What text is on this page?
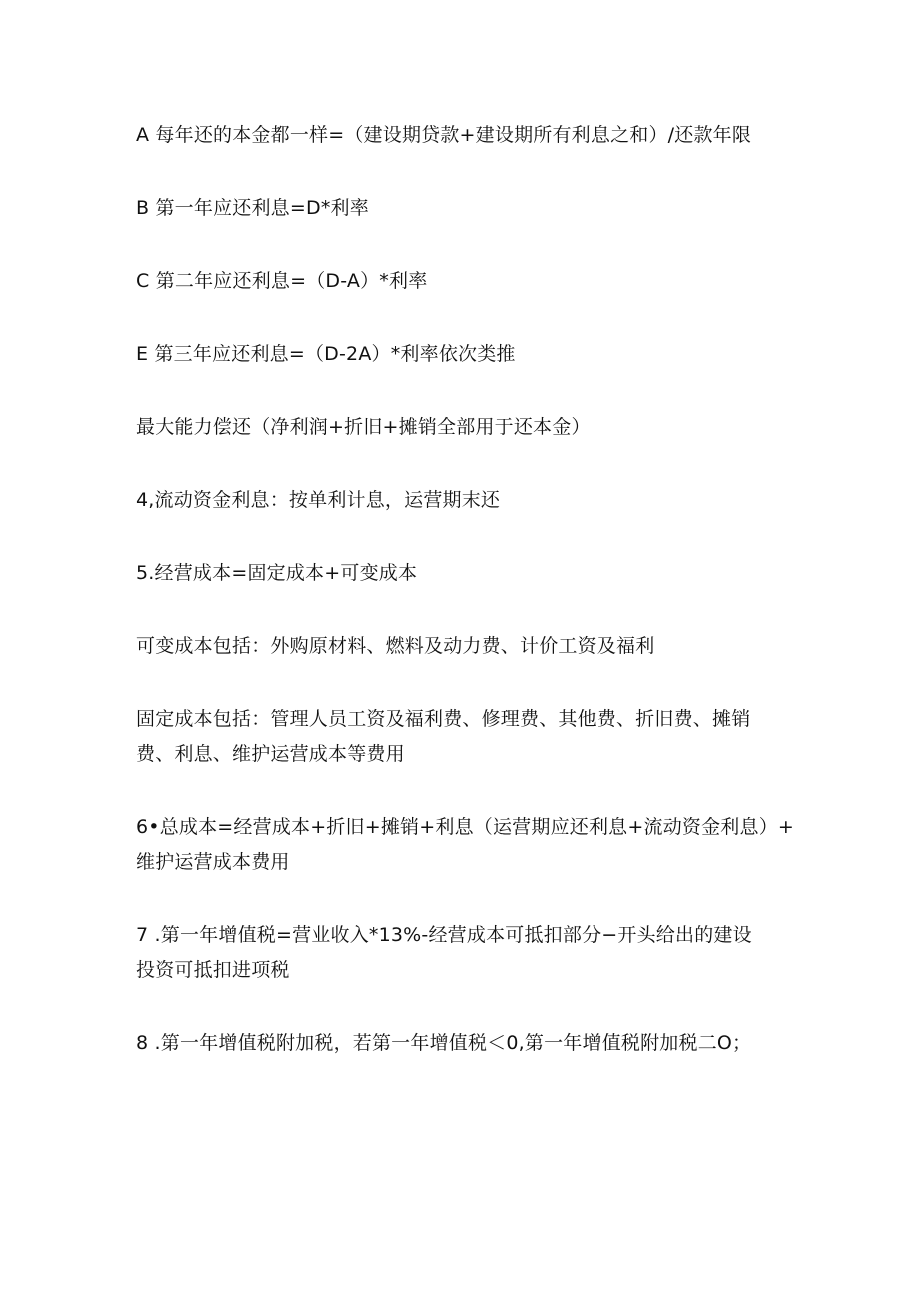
A 每年还的本金都一样=（建设期贷款+建设期所有利息之和）/还款年限

B 第一年应还利息=D*利率

C 第二年应还利息=（D-A）*利率

E 第三年应还利息=（D-2A）*利率依次类推

最大能力偿还（净利润+折旧+摊销全部用于还本金）

4,流动资金利息：按单利计息，运营期末还

5.经营成本=固定成本+可变成本

可变成本包括：外购原材料、燃料及动力费、计价工资及福利

固定成本包括：管理人员工资及福利费、修理费、其他费、折旧费、摊销
费、利息、维护运营成本等费用

6•总成本=经营成本+折旧+摊销+利息（运营期应还利息+流动资金利息）+
维护运营成本费用

7 .第一年增值税=营业收入*13%-经营成本可抵扣部分−开头给出的建设
投资可抵扣进项税

8 .第一年增值税附加税，若第一年增值税＜0,第一年增值税附加税二O；
